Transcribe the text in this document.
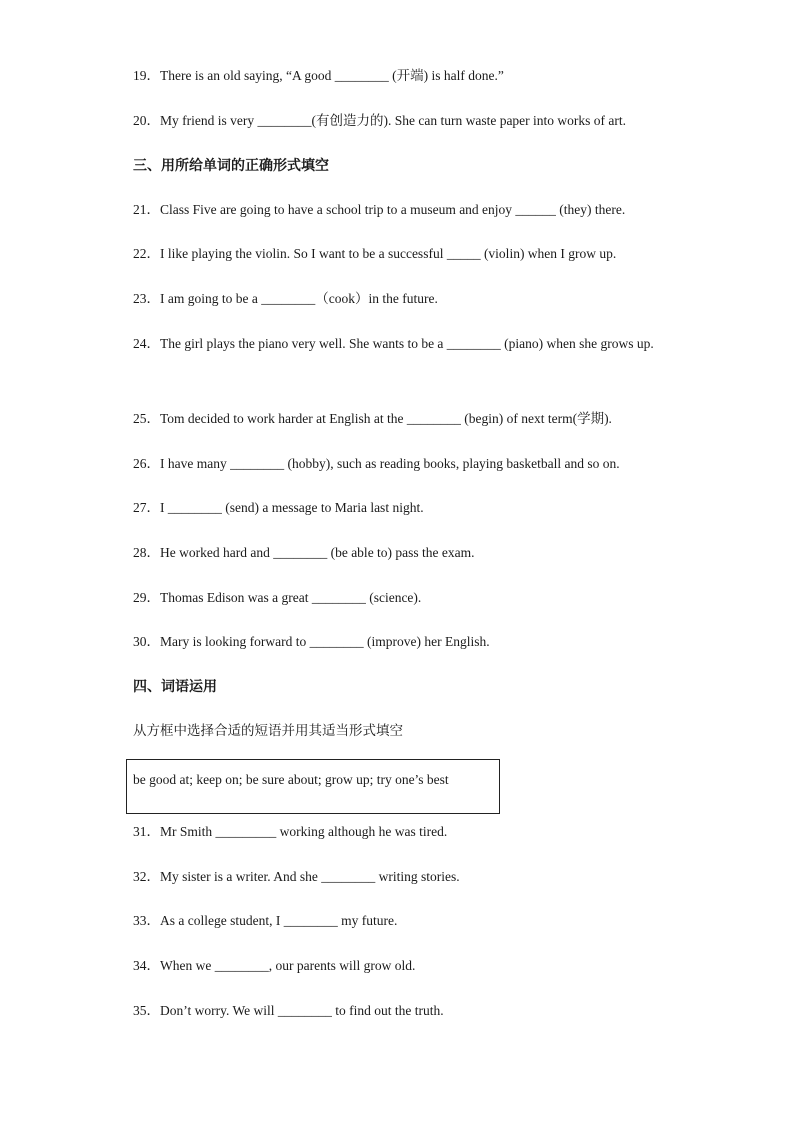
19．There is an old saying, “A good ________ (开端) is half done.”
20．My friend is very ________(有创造力的). She can turn waste paper into works of art.
三、用所给单词的正确形式填空
21．Class Five are going to have a school trip to a museum and enjoy ______ (they) there.
22．I like playing the violin. So I want to be a successful _____ (violin) when I grow up.
23．I am going to be a ________（cook）in the future.
24．The girl plays the piano very well. She wants to be a ________ (piano) when she grows up.
25．Tom decided to work harder at English at the ________ (begin) of next term(学期).
26．I have many ________ (hobby), such as reading books, playing basketball and so on.
27．I ________ (send) a message to Maria last night.
28．He worked hard and ________ (be able to) pass the exam.
29．Thomas Edison was a great ________ (science).
30．Mary is looking forward to ________ (improve) her English.
四、词语运用
从方框中选择合适的短语并用其适当形式填空
be good at; keep on; be sure about; grow up; try one’s best
31．Mr Smith _________ working although he was tired.
32．My sister is a writer. And she ________ writing stories.
33．As a college student, I ________ my future.
34．When we ________, our parents will grow old.
35．Don’t worry. We will ________ to find out the truth.
